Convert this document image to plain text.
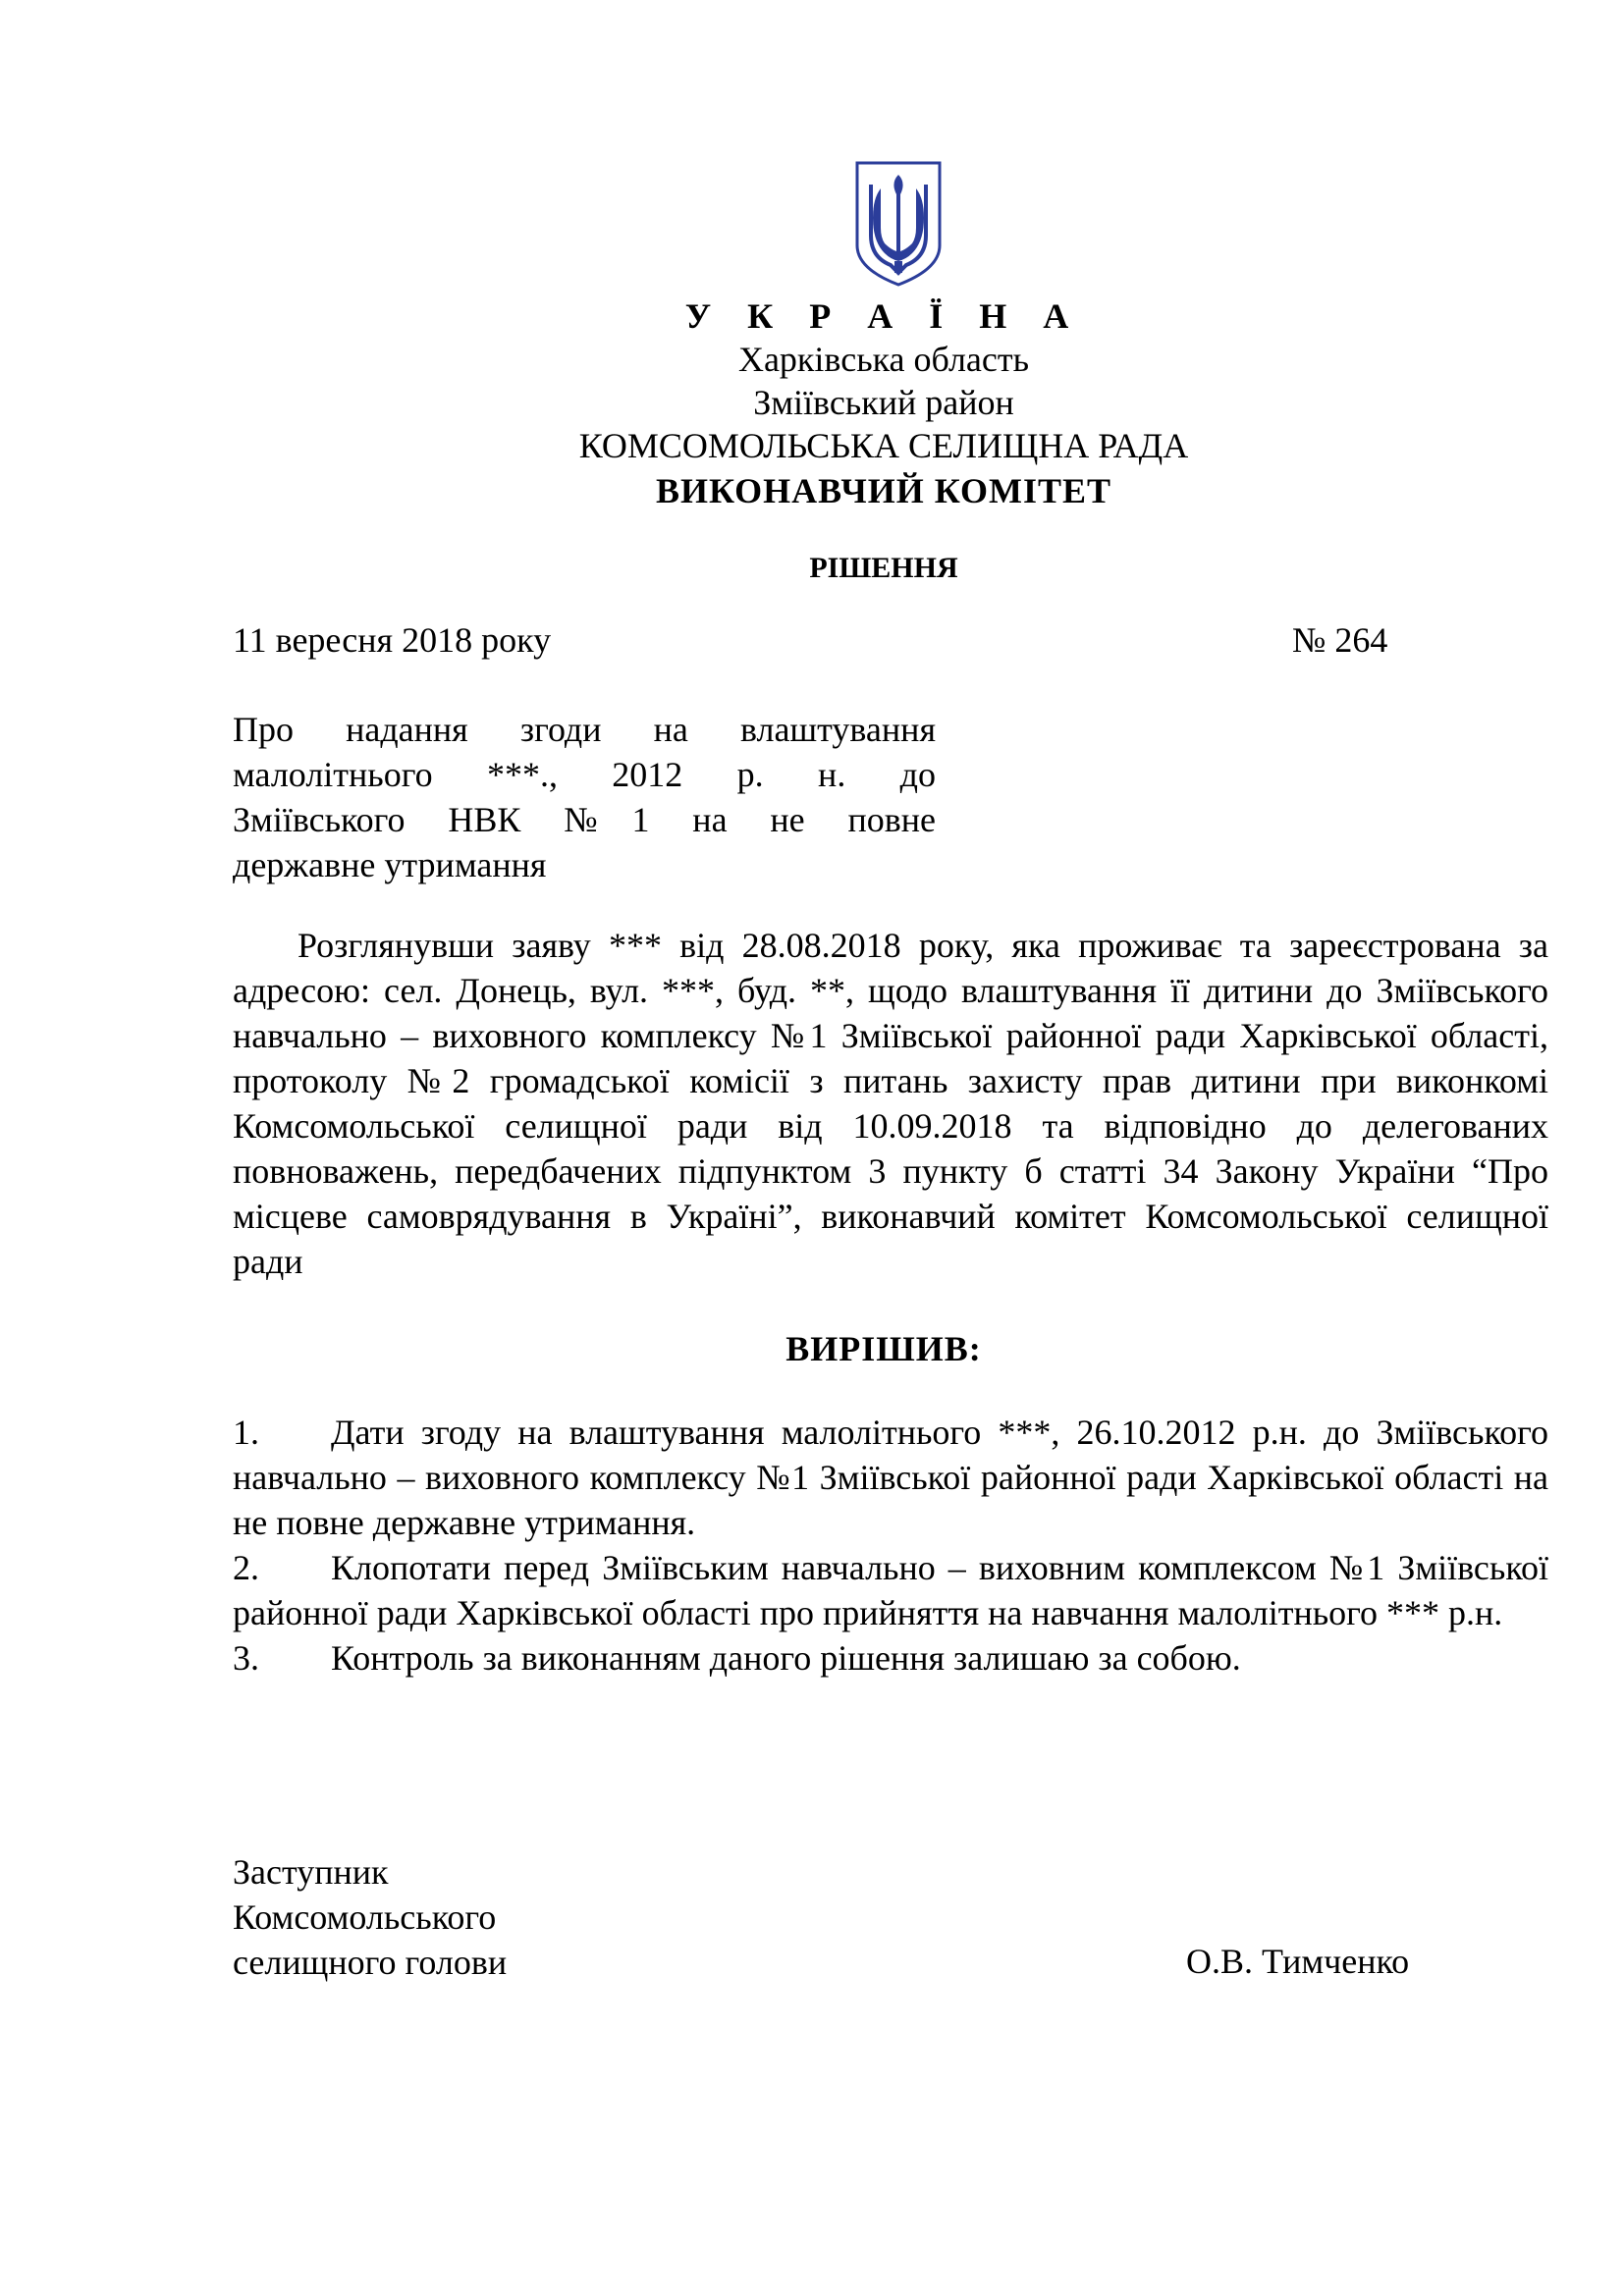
У К Р А Ї Н А
Харківська область
Зміївський район
КОМСОМОЛЬСЬКА СЕЛИЩНА РАДА
ВИКОНАВЧИЙ КОМІТЕТ
РІШЕННЯ
11 вересня 2018 року	№ 264
Про надання згоди на влаштування
малолітнього ***., 2012 р. н. до
Зміївського НВК №1 на не повне
державне утримання
Розглянувши заяву *** від 28.08.2018 року, яка проживає та зареєстрована за адресою: сел. Донець, вул. ***, буд. **, щодо влаштування її дитини до Зміївського навчально – виховного комплексу №1 Зміївської районної ради Харківської області, протоколу №2 громадської комісії з питань захисту прав дитини при виконкомі Комсомольської селищної ради від 10.09.2018 та відповідно до делегованих повноважень, передбачених підпунктом 3 пункту б статті 34 Закону України “Про місцеве самоврядування в Україні”, виконавчий комітет Комсомольської селищної ради
ВИРІШИВ:
1. Дати згоду на влаштування малолітнього ***, 26.10.2012 р.н. до Зміївського навчально – виховного комплексу №1 Зміївської районної ради Харківської області на не повне державне утримання.
2. Клопотати перед Зміївським навчально – виховним комплексом №1 Зміївської районної ради Харківської області про прийняття на навчання малолітнього *** р.н.
3. Контроль за виконанням даного рішення залишаю за собою.
Заступник
Комсомольського
селищного голови	О.В. Тимченко
